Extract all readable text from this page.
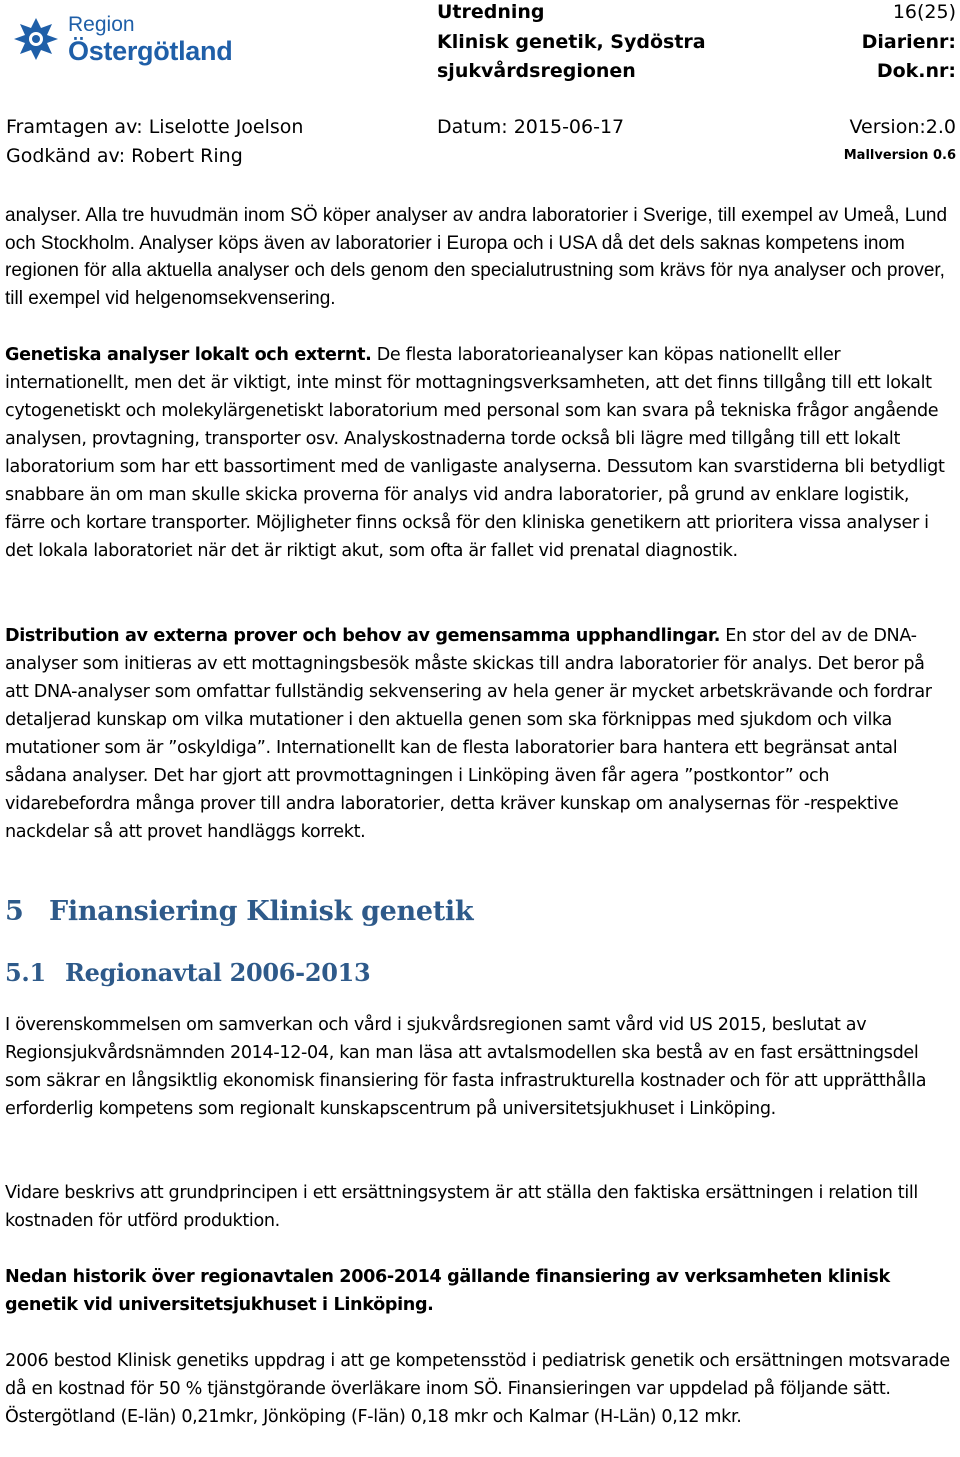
Region
Östergötland
Utredning
Klinisk genetik, Sydöstra
sjukvårdsregionen
16(25)
Diarienr:
Dok.nr:
Framtagen av: Liselotte Joelson	Datum: 2015-06-17	Version:2.0
Godkänd av: Robert Ring	Mallversion 0.6

analyser. Alla tre huvudmän inom SÖ köper analyser av andra laboratorier i Sverige, till exempel av Umeå, Lund och Stockholm. Analyser köps även av laboratorier i Europa och i USA då det dels saknas kompetens inom regionen för alla aktuella analyser och dels genom den specialutrustning som krävs för nya analyser och prover, till exempel vid helgenomsekvensering.

Genetiska analyser lokalt och externt. De flesta laboratorieanalyser kan köpas nationellt eller internationellt, men det är viktigt, inte minst för mottagningsverksamheten, att det finns tillgång till ett lokalt cytogenetiskt och molekylärgenetiskt laboratorium med personal som kan svara på tekniska frågor angående analysen, provtagning, transporter osv. Analyskostnaderna torde också bli lägre med tillgång till ett lokalt laboratorium som har ett bassortiment med de vanligaste analyserna. Dessutom kan svarstiderna bli betydligt snabbare än om man skulle skicka proverna för analys vid andra laboratorier, på grund av enklare logistik, färre och kortare transporter. Möjligheter finns också för den kliniska genetikern att prioritera vissa analyser i det lokala laboratoriet när det är riktigt akut, som ofta är fallet vid prenatal diagnostik.

Distribution av externa prover och behov av gemensamma upphandlingar. En stor del av de DNA-analyser som initieras av ett mottagningsbesök måste skickas till andra laboratorier för analys. Det beror på att DNA-analyser som omfattar fullständig sekvensering av hela gener är mycket arbetskrävande och fordrar detaljerad kunskap om vilka mutationer i den aktuella genen som ska förknippas med sjukdom och vilka mutationer som är ”oskyldiga”. Internationellt kan de flesta laboratorier bara hantera ett begränsat antal sådana analyser. Det har gjort att provmottagningen i Linköping även får agera ”postkontor” och vidarebefordra många prover till andra laboratorier, detta kräver kunskap om analysernas för -respektive nackdelar så att provet handläggs korrekt.

5 Finansiering Klinisk genetik
5.1 Regionavtal 2006-2013

I överenskommelsen om samverkan och vård i sjukvårdsregionen samt vård vid US 2015, beslutat av Regionsjukvårdsnämnden 2014-12-04, kan man läsa att avtalsmodellen ska bestå av en fast ersättningsdel som säkrar en långsiktlig ekonomisk finansiering för fasta infrastrukturella kostnader och för att upprätthålla erforderlig kompetens som regionalt kunskapscentrum på universitetsjukhuset i Linköping.

Vidare beskrivs att grundprincipen i ett ersättningsystem är att ställa den faktiska ersättningen i relation till kostnaden för utförd produktion.

Nedan historik över regionavtalen 2006-2014 gällande finansiering av verksamheten klinisk genetik vid universitetsjukhuset i Linköping.

2006 bestod Klinisk genetiks uppdrag i att ge kompetensstöd i pediatrisk genetik och ersättningen motsvarade då en kostnad för 50 % tjänstgörande överläkare inom SÖ. Finansieringen var uppdelad på följande sätt. Östergötland (E-län) 0,21mkr, Jönköping (F-län) 0,18 mkr och Kalmar (H-Län) 0,12 mkr.
